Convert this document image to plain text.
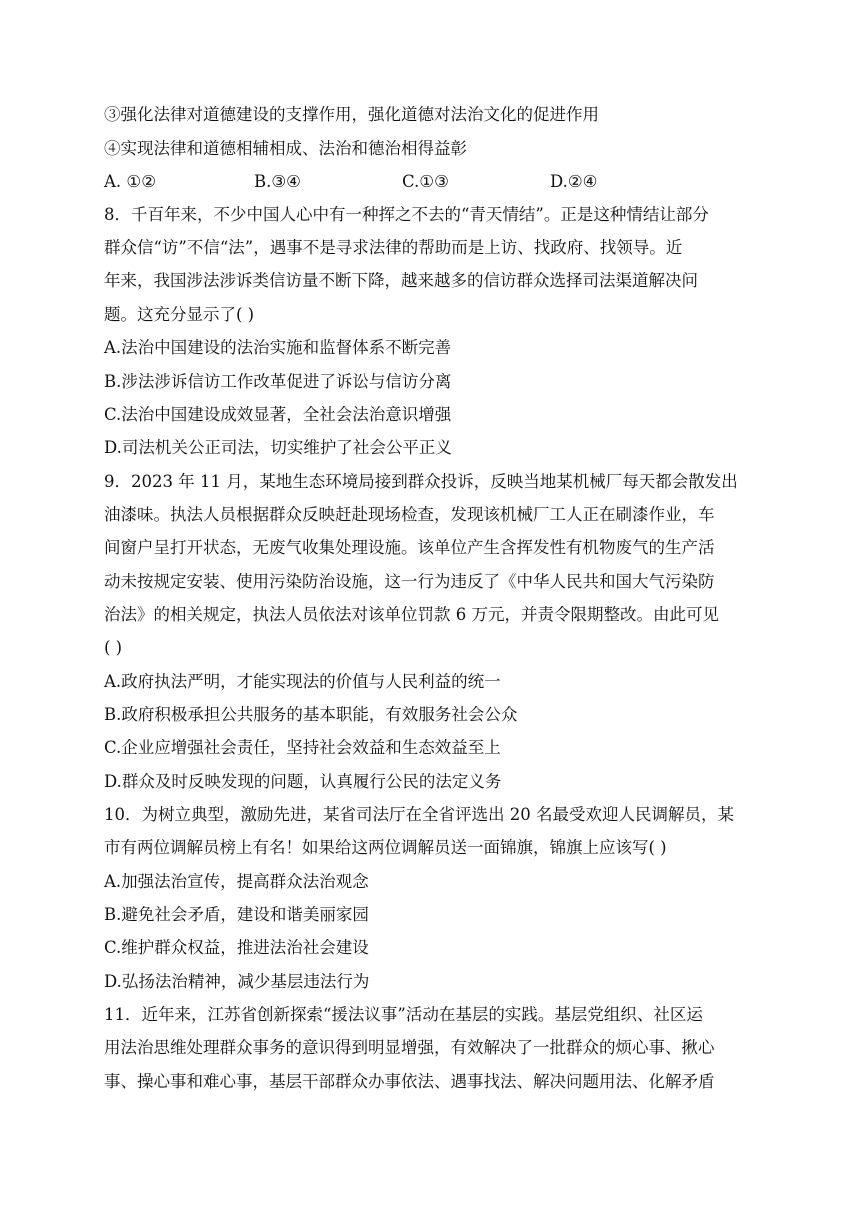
③强化法律对道德建设的支撑作用，强化道德对法治文化的促进作用
④实现法律和道德相辅相成、法治和德治相得益彰
A. ①②	B.③④	C.①③	D.②④
8．千百年来，不少中国人心中有一种挥之不去的“青天情结”。正是这种情结让部分
群众信“访”不信“法”，遇事不是寻求法律的帮助而是上访、找政府、找领导。近
年来，我国涉法涉诉类信访量不断下降，越来越多的信访群众选择司法渠道解决问
题。这充分显示了( )
A.法治中国建设的法治实施和监督体系不断完善
B.涉法涉诉信访工作改革促进了诉讼与信访分离
C.法治中国建设成效显著，全社会法治意识增强
D.司法机关公正司法，切实维护了社会公平正义
9．2023 年 11 月，某地生态环境局接到群众投诉，反映当地某机械厂每天都会散发出
油漆味。执法人员根据群众反映赶赴现场检查，发现该机械厂工人正在刷漆作业，车
间窗户呈打开状态，无废气收集处理设施。该单位产生含挥发性有机物废气的生产活
动未按规定安装、使用污染防治设施，这一行为违反了《中华人民共和国大气污染防
治法》的相关规定，执法人员依法对该单位罚款 6 万元，并责令限期整改。由此可见
( )
A.政府执法严明，才能实现法的价值与人民利益的统一
B.政府积极承担公共服务的基本职能，有效服务社会公众
C.企业应增强社会责任，坚持社会效益和生态效益至上
D.群众及时反映发现的问题，认真履行公民的法定义务
10．为树立典型，激励先进，某省司法厅在全省评选出 20 名最受欢迎人民调解员，某
市有两位调解员榜上有名！如果给这两位调解员送一面锦旗，锦旗上应该写( )
A.加强法治宣传，提高群众法治观念
B.避免社会矛盾，建设和谐美丽家园
C.维护群众权益，推进法治社会建设
D.弘扬法治精神，减少基层违法行为
11．近年来，江苏省创新探索“援法议事”活动在基层的实践。基层党组织、社区运
用法治思维处理群众事务的意识得到明显增强，有效解决了一批群众的烦心事、揪心
事、操心事和难心事，基层干部群众办事依法、遇事找法、解决问题用法、化解矛盾
